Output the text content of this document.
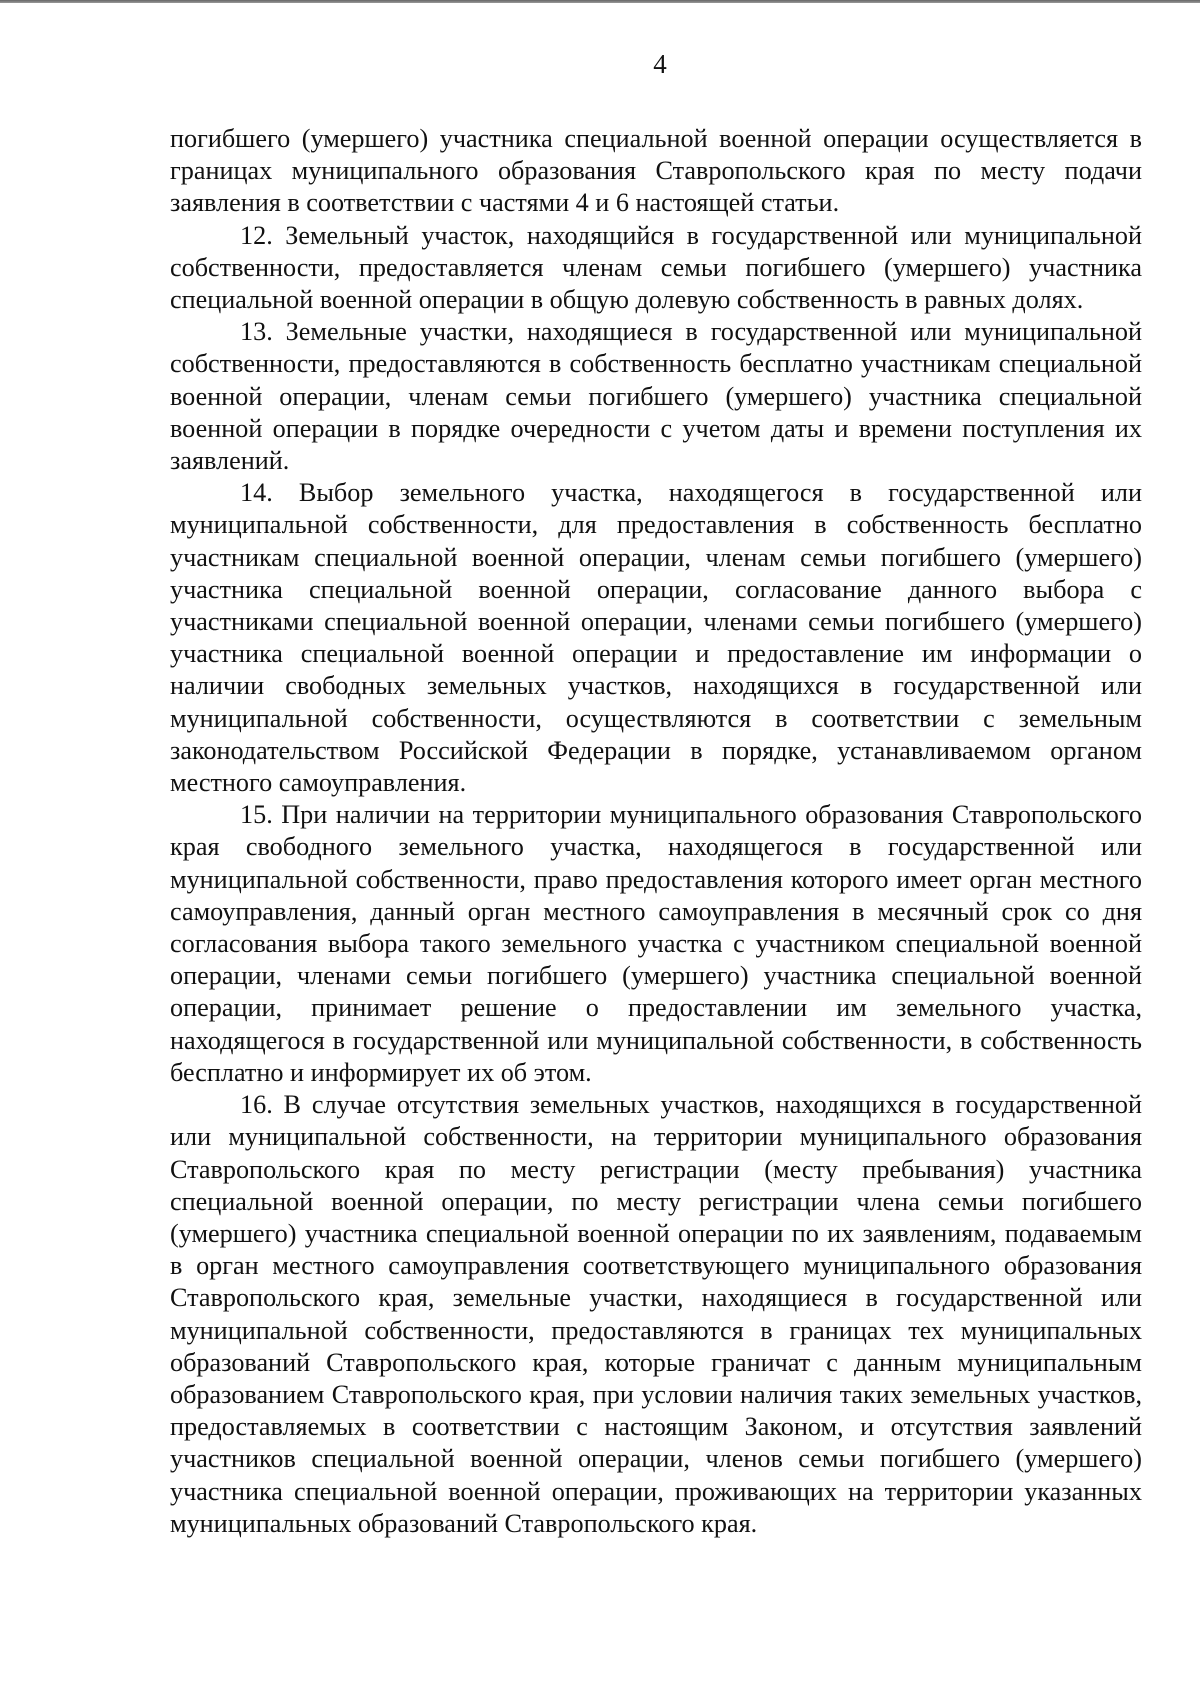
4

погибшего (умершего) участника специальной военной операции осуществляется в границах муниципального образования Ставропольского края по месту подачи заявления в соответствии с частями 4 и 6 настоящей статьи.

12. Земельный участок, находящийся в государственной или муниципальной собственности, предоставляется членам семьи погибшего (умершего) участника специальной военной операции в общую долевую собственность в равных долях.

13. Земельные участки, находящиеся в государственной или муниципальной собственности, предоставляются в собственность бесплатно участникам специальной военной операции, членам семьи погибшего (умершего) участника специальной военной операции в порядке очередности с учетом даты и времени поступления их заявлений.

14. Выбор земельного участка, находящегося в государственной или муниципальной собственности, для предоставления в собственность бесплатно участникам специальной военной операции, членам семьи погибшего (умершего) участника специальной военной операции, согласование данного выбора с участниками специальной военной операции, членами семьи погибшего (умершего) участника специальной военной операции и предоставление им информации о наличии свободных земельных участков, находящихся в государственной или муниципальной собственности, осуществляются в соответствии с земельным законодательством Российской Федерации в порядке, устанавливаемом органом местного самоуправления.

15. При наличии на территории муниципального образования Ставропольского края свободного земельного участка, находящегося в государственной или муниципальной собственности, право предоставления которого имеет орган местного самоуправления, данный орган местного самоуправления в месячный срок со дня согласования выбора такого земельного участка с участником специальной военной операции, членами семьи погибшего (умершего) участника специальной военной операции, принимает решение о предоставлении им земельного участка, находящегося в государственной или муниципальной собственности, в собственность бесплатно и информирует их об этом.

16. В случае отсутствия земельных участков, находящихся в государственной или муниципальной собственности, на территории муниципального образования Ставропольского края по месту регистрации (месту пребывания) участника специальной военной операции, по месту регистрации члена семьи погибшего (умершего) участника специальной военной операции по их заявлениям, подаваемым в орган местного самоуправления соответствующего муниципального образования Ставропольского края, земельные участки, находящиеся в государственной или муниципальной собственности, предоставляются в границах тех муниципальных образований Ставропольского края, которые граничат с данным муниципальным образованием Ставропольского края, при условии наличия таких земельных участков, предоставляемых в соответствии с настоящим Законом, и отсутствия заявлений участников специальной военной операции, членов семьи погибшего (умершего) участника специальной военной операции, проживающих на территории указанных муниципальных образований Ставропольского края.
